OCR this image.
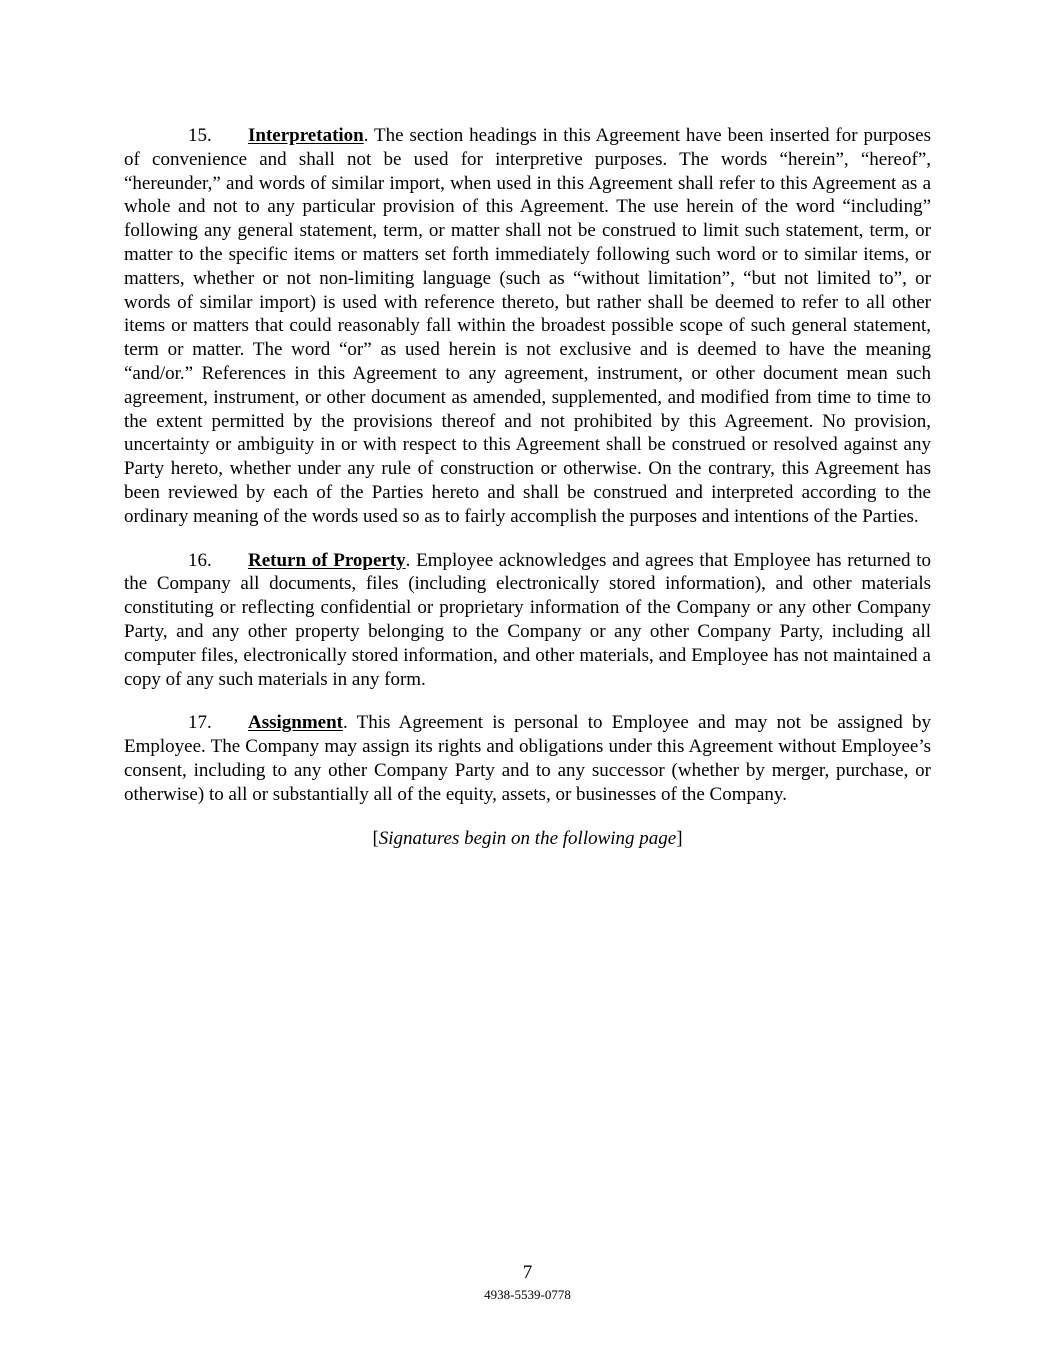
15. Interpretation. The section headings in this Agreement have been inserted for purposes of convenience and shall not be used for interpretive purposes. The words “herein”, “hereof”, “hereunder,” and words of similar import, when used in this Agreement shall refer to this Agreement as a whole and not to any particular provision of this Agreement. The use herein of the word “including” following any general statement, term, or matter shall not be construed to limit such statement, term, or matter to the specific items or matters set forth immediately following such word or to similar items, or matters, whether or not non-limiting language (such as “without limitation”, “but not limited to”, or words of similar import) is used with reference thereto, but rather shall be deemed to refer to all other items or matters that could reasonably fall within the broadest possible scope of such general statement, term or matter. The word “or” as used herein is not exclusive and is deemed to have the meaning “and/or.” References in this Agreement to any agreement, instrument, or other document mean such agreement, instrument, or other document as amended, supplemented, and modified from time to time to the extent permitted by the provisions thereof and not prohibited by this Agreement. No provision, uncertainty or ambiguity in or with respect to this Agreement shall be construed or resolved against any Party hereto, whether under any rule of construction or otherwise. On the contrary, this Agreement has been reviewed by each of the Parties hereto and shall be construed and interpreted according to the ordinary meaning of the words used so as to fairly accomplish the purposes and intentions of the Parties.

16. Return of Property. Employee acknowledges and agrees that Employee has returned to the Company all documents, files (including electronically stored information), and other materials constituting or reflecting confidential or proprietary information of the Company or any other Company Party, and any other property belonging to the Company or any other Company Party, including all computer files, electronically stored information, and other materials, and Employee has not maintained a copy of any such materials in any form.

17. Assignment. This Agreement is personal to Employee and may not be assigned by Employee. The Company may assign its rights and obligations under this Agreement without Employee’s consent, including to any other Company Party and to any successor (whether by merger, purchase, or otherwise) to all or substantially all of the equity, assets, or businesses of the Company.

[Signatures begin on the following page]

7
4938-5539-0778
